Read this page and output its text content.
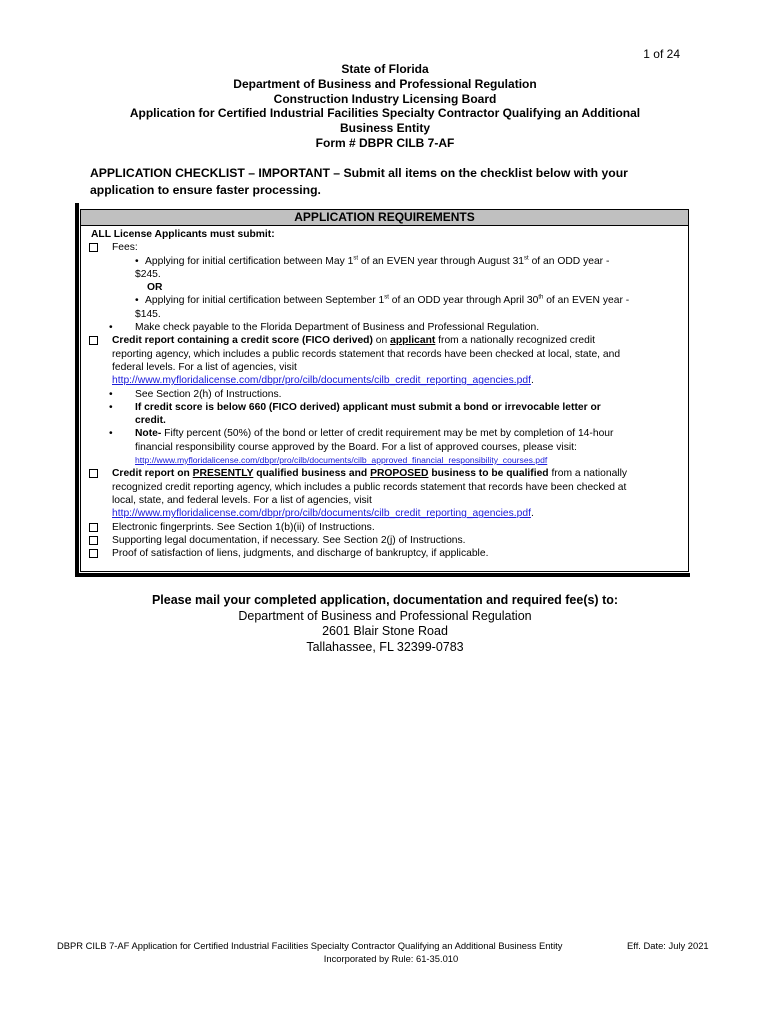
1 of 24
State of Florida
Department of Business and Professional Regulation
Construction Industry Licensing Board
Application for Certified Industrial Facilities Specialty Contractor Qualifying an Additional
Business Entity
Form # DBPR CILB 7-AF
APPLICATION CHECKLIST – IMPORTANT – Submit all items on the checklist below with your
application to ensure faster processing.
APPLICATION REQUIREMENTS
ALL License Applicants must submit:
Fees:
• Applying for initial certification between May 1st of an EVEN year through August 31st of an ODD year -
$245.
OR
• Applying for initial certification between September 1st of an ODD year through April 30th of an EVEN year -
$145.
• Make check payable to the Florida Department of Business and Professional Regulation.
Credit report containing a credit score (FICO derived) on applicant from a nationally recognized credit
reporting agency, which includes a public records statement that records have been checked at local, state, and
federal levels. For a list of agencies, visit
http://www.myfloridalicense.com/dbpr/pro/cilb/documents/cilb_credit_reporting_agencies.pdf.
• See Section 2(h) of Instructions.
• If credit score is below 660 (FICO derived) applicant must submit a bond or irrevocable letter or
credit.
• Note- Fifty percent (50%) of the bond or letter of credit requirement may be met by completion of 14-hour
financial responsibility course approved by the Board. For a list of approved courses, please visit:
http://www.myfloridalicense.com/dbpr/pro/cilb/documents/cilb_approved_financial_responsibility_courses.pdf
Credit report on PRESENTLY qualified business and PROPOSED business to be qualified from a nationally
recognized credit reporting agency, which includes a public records statement that records have been checked at
local, state, and federal levels. For a list of agencies, visit
http://www.myfloridalicense.com/dbpr/pro/cilb/documents/cilb_credit_reporting_agencies.pdf.
Electronic fingerprints. See Section 1(b)(ii) of Instructions.
Supporting legal documentation, if necessary. See Section 2(j) of Instructions.
Proof of satisfaction of liens, judgments, and discharge of bankruptcy, if applicable.
Please mail your completed application, documentation and required fee(s) to:
Department of Business and Professional Regulation
2601 Blair Stone Road
Tallahassee, FL 32399-0783
DBPR CILB 7-AF Application for Certified Industrial Facilities Specialty Contractor Qualifying an Additional Business Entity	Eff. Date: July 2021
Incorporated by Rule: 61-35.010
